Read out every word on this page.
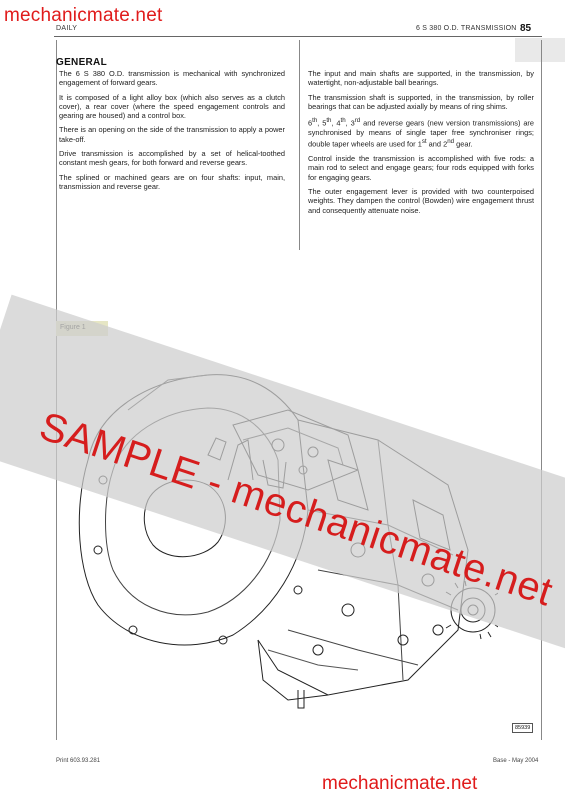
mechanicmate.net
DAILY	6 S 380 O.D. TRANSMISSION 85
GENERAL

The 6 S 380 O.D. transmission is mechanical with synchronized engagement of forward gears.

It is composed of a light alloy box (which also serves as a clutch cover), a rear cover (where the speed engagement controls and gearing are housed) and a control box.

There is an opening on the side of the transmission to apply a power take-off.

Drive transmission is accomplished by a set of helical-toothed constant mesh gears, for both forward and reverse gears.

The splined or machined gears are on four shafts: input, main, transmission and reverse gear.

The input and main shafts are supported, in the transmission, by watertight, non-adjustable ball bearings.

The transmission shaft is supported, in the transmission, by roller bearings that can be adjusted axially by means of ring shims.

6th, 5th, 4th, 3rd and reverse gears (new version transmissions) are synchronised by means of single taper free synchroniser rings; double taper wheels are used for 1st and 2nd gear.

Control inside the transmission is accomplished with five rods: a main rod to select and engage gears; four rods equipped with forks for engaging gears.

The outer engagement lever is provided with two counterpoised weights. They dampen the control (Bowden) wire engagement thrust and consequently attenuate noise.

SAMPLE - mechanicmate.net
85939
Print 603.93.281	Base - May 2004
mechanicmate.net
